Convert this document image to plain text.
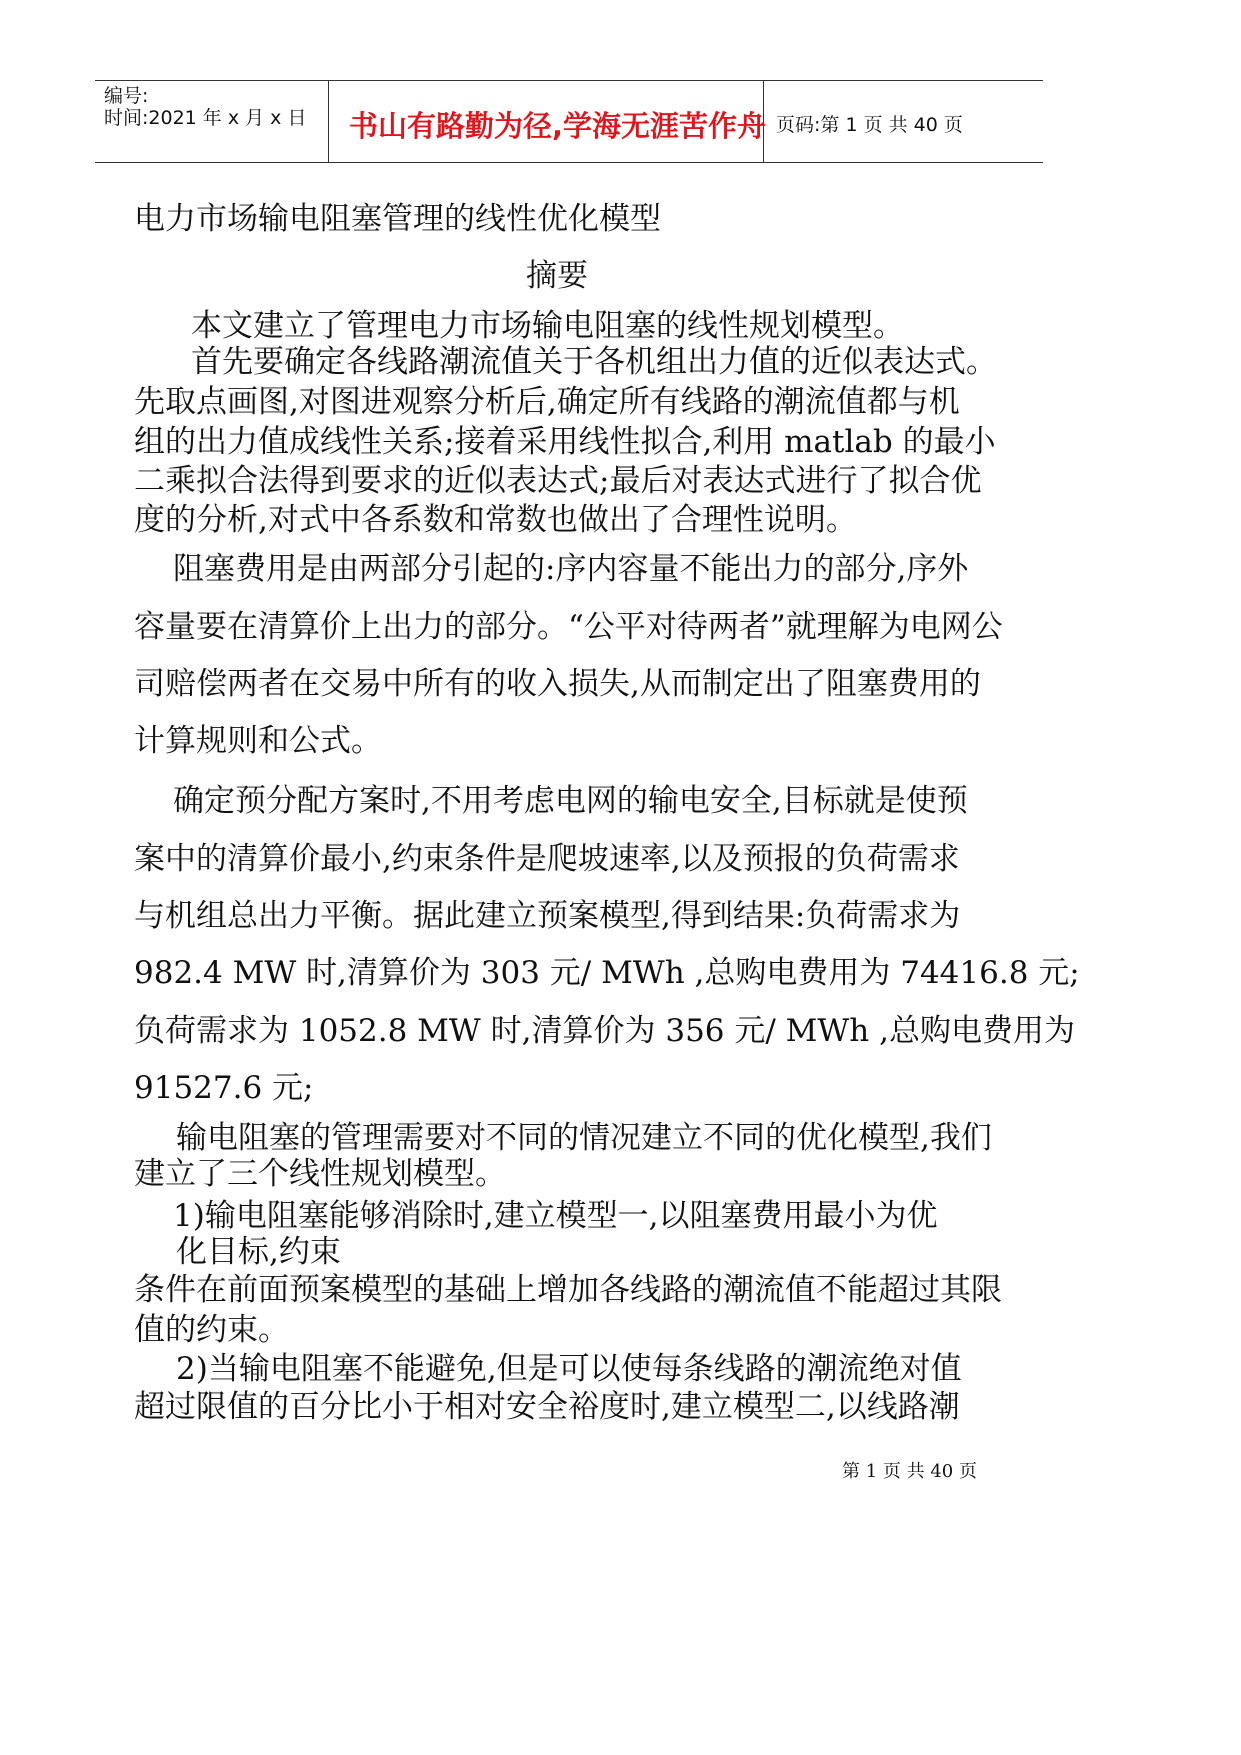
编号:
时间:2021 年 x 月 x 日 书山有路勤为径,学海无涯苦作舟 页码:第 1 页 共 40 页
电力市场输电阻塞管理的线性优化模型
摘要
本文建立了管理电力市场输电阻塞的线性规划模型。
首先要确定各线路潮流值关于各机组出力值的近似表达式。
先取点画图,对图进观察分析后,确定所有线路的潮流值都与机
组的出力值成线性关系;接着采用线性拟合,利用 matlab 的最小
二乘拟合法得到要求的近似表达式;最后对表达式进行了拟合优
度的分析,对式中各系数和常数也做出了合理性说明。
阻塞费用是由两部分引起的:序内容量不能出力的部分,序外
容量要在清算价上出力的部分。“公平对待两者”就理解为电网公
司赔偿两者在交易中所有的收入损失,从而制定出了阻塞费用的
计算规则和公式。
确定预分配方案时,不用考虑电网的输电安全,目标就是使预
案中的清算价最小,约束条件是爬坡速率,以及预报的负荷需求
与机组总出力平衡。据此建立预案模型,得到结果:负荷需求为
982.4 MW 时,清算价为 303 元/ MWh ,总购电费用为 74416.8 元;
负荷需求为 1052.8 MW 时,清算价为 356 元/ MWh ,总购电费用为
91527.6 元;
输电阻塞的管理需要对不同的情况建立不同的优化模型,我们
建立了三个线性规划模型。
1)输电阻塞能够消除时,建立模型一,以阻塞费用最小为优
化目标,约束
条件在前面预案模型的基础上增加各线路的潮流值不能超过其限
值的约束。
2)当输电阻塞不能避免,但是可以使每条线路的潮流绝对值
超过限值的百分比小于相对安全裕度时,建立模型二,以线路潮
第 1 页 共 40 页
